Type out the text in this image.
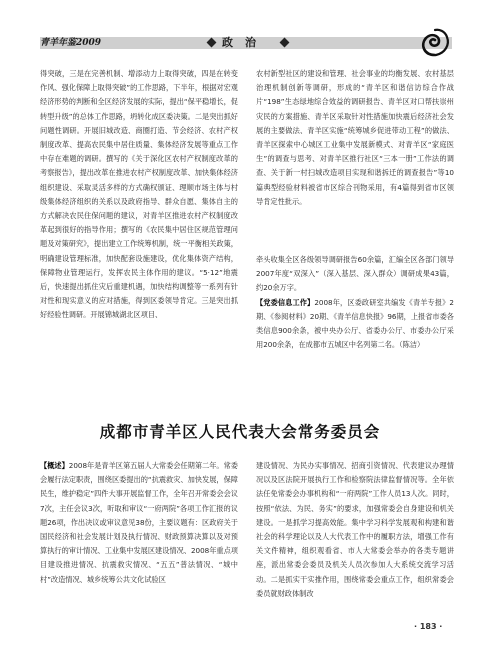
青羊年鉴2009	政治
得突破，三是在完善机制、增添动力上取得突破，四是在转变作风、强化保障上取得突破”的工作思路，下半年，根据对宏观经济形势的判断和全区经济发展的实际，提出“保平稳增长，促转型升级”的总体工作思路，坍转化成区委决策。二是突出抓好问题性调研。开展旧城改造、商圈打造、节会经济、农村产权制度改革、提高农民集中居住质量、集体经济发展等重点工作中存在难题的调研。撰写的《关于深化区农村产权制度改革的考察报告》，提出改革在推进农村产权制度改革、加快集体经济组织建设、采取灵活多样的方式确权颁证、理顺市场主体与村级集体经济组织的关系以及政府指导、群众自愿、集体自主的方式解决农民住保问题的建议，对青羊区推进农村产权制度改革起到很好的指导作用；撰写的《农民集中居住区规范管理问题及对策研究》，提出建立工作统筹机制，统一平衡相关政策，明确建设管理标准，加快配套设施建设，优化集体资产结构，保障物业管理运行，发挥农民主体作用的建议。“5·12”地震后，快速提出抓住灾后重建机遇，加快结构调整等一系列有针对性和现实意义的应对措施，得到区委领导肯定。三是突出抓好经验性调研。开展锦城湖北区项目、
农村新型社区的建设和管理、社会事业的均衡发展、农村基层治理机制创新等调研，形成的“青羊区和谐信访综合作战片“198”生态绿地综合效益的调研报告、青羊区对口帮扶崇州灾民的方案措施、青羊区采取针对性措施加快震后经济社会发展的主要做法、青羊区实施“统筹城乡促进带动工程”的做法、青羊区探索中心城区工业集中发展新模式、对青羊区“家庭医生”的调查与思考、对青羊区推行社区“三本一册”工作法的调查、关于新一村扫城改造项目实现和谐拆迁的调查报告”等10篇典型经验材料被省市区综合刊物采用，有4篇得到省市区领导肯定性批示。
牵头收集全区各级领导调研报告60余篇，汇编全区各部门领导2007年度“双深入”（深入基层、深入群众）调研成果43篇，约20余万字。
【党委信息工作】2008年，区委政研室共编发《青羊专报》2期、《参阅材料》20期、《青羊信息快报》96期，上报省市委各类信息900余条，被中央办公厅、省委办公厅、市委办公厅采用200余条，在成都市五城区中名列第二名。（陈洁）
成都市青羊区人民代表大会常务委员会
【概述】2008年是青羊区第五届人大常委会任期第二年。常委会履行法定职责，围绕区委提出的“抗震救灾、加快发展，保障民生，维护稳定”四件大事开展监督工作，全年召开常委会会议7次，主任会议3次，听取和审议“一府两院”各项工作汇报的议题26项，作出决议或审议意见38份，主要议题有：区政府关于国民经济和社会发展计划及执行情况、财政预算决算以及对预算执行的审计情况、工业集中发展区建设情况、2008年重点项目建设推进情况、抗震救灾情况、“五五”普法情况、“城中村”改造情况、城乡统筹公共文化试验区
建设情况、为民办实事情况、招商引资情况、代表建议办理情况以及区法院开展执行工作和检察院法律监督情况等。全年依法任免常委会办事机构和“一府两院”工作人员13人次。同时，按照“依法、为民、务实”的要求，加强常委会自身建设和机关建设。一是抓学习提高效能。集中学习科学发展观和构建和谐社会的科学理论以及人大代表工作中的履职方法，增强工作有关文件精神，组织观看省、市人大常委会举办的各类专题讲座，派出常委会委员及机关人员次参加人大系统交流学习活动。二是抓实干实推作用，围绕常委会重点工作，组织常委会委员就财政体制改
· 183 ·
